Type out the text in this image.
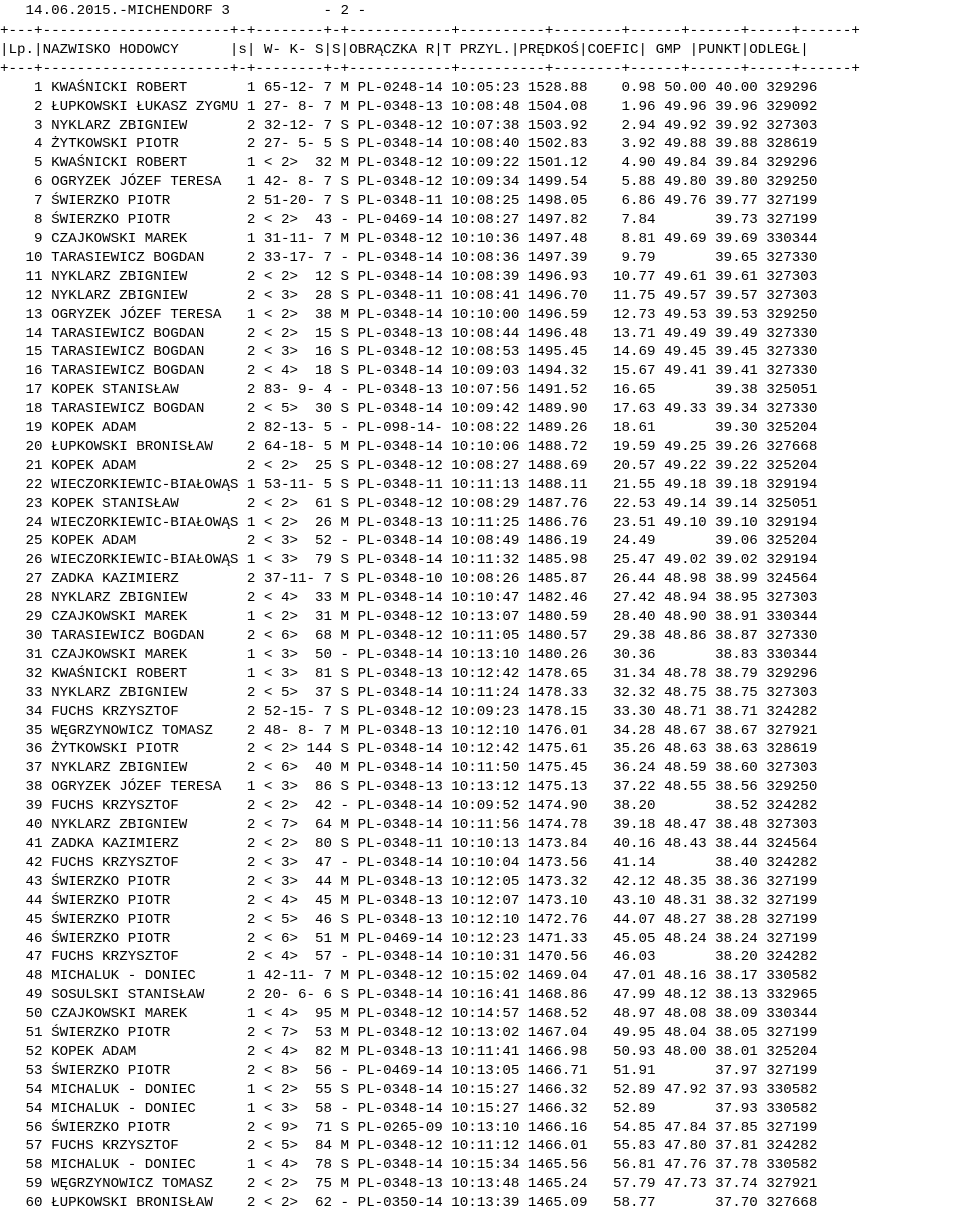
14.06.2015.-MICHENDORF 3           - 2 -
+---+----------------------+-+--------+-+------------+----------+--------+------+------+-----+------+
|Lp.|NAZWISKO HODOWCY      |s| W- K- S|S|OBRĄCZKA R|T PRZYL.|PRĘDKOŚ|COEFIC| GMP |PUNKT|ODLEGŁ|
+---+----------------------+-+--------+-+------------+----------+--------+------+------+-----+------+
1 KWAŚNICKI ROBERT       1 65-12- 7 M PL-0248-14 10:05:23 1528.88    0.98 50.00 40.00 329296
2 ŁUPKOWSKI ŁUKASZ ZYGMU 1 27- 8- 7 M PL-0348-13 10:08:48 1504.08    1.96 49.96 39.96 329092
3 NYKLARZ ZBIGNIEW       2 32-12- 7 S PL-0348-12 10:07:38 1503.92    2.94 49.92 39.92 327303
4 ŻYTKOWSKI PIOTR        2 27- 5- 5 S PL-0348-14 10:08:40 1502.83    3.92 49.88 39.88 328619
5 KWAŚNICKI ROBERT       1 < 2>  32 M PL-0348-12 10:09:22 1501.12    4.90 49.84 39.84 329296
6 OGRYZEK JÓZEF TERESA   1 42- 8- 7 S PL-0348-12 10:09:34 1499.54    5.88 49.80 39.80 329250
7 ŚWIERZKO PIOTR         2 51-20- 7 S PL-0348-11 10:08:25 1498.05    6.86 49.76 39.77 327199
8 ŚWIERZKO PIOTR         2 < 2>  43 - PL-0469-14 10:08:27 1497.82    7.84       39.73 327199
9 CZAJKOWSKI MAREK       1 31-11- 7 M PL-0348-12 10:10:36 1497.48    8.81 49.69 39.69 330344
10 TARASIEWICZ BOGDAN     2 33-17- 7 - PL-0348-14 10:08:36 1497.39    9.79       39.65 327330
11 NYKLARZ ZBIGNIEW       2 < 2>  12 S PL-0348-14 10:08:39 1496.93   10.77 49.61 39.61 327303
12 NYKLARZ ZBIGNIEW       2 < 3>  28 S PL-0348-11 10:08:41 1496.70   11.75 49.57 39.57 327303
13 OGRYZEK JÓZEF TERESA   1 < 2>  38 M PL-0348-14 10:10:00 1496.59   12.73 49.53 39.53 329250
14 TARASIEWICZ BOGDAN     2 < 2>  15 S PL-0348-13 10:08:44 1496.48   13.71 49.49 39.49 327330
15 TARASIEWICZ BOGDAN     2 < 3>  16 S PL-0348-12 10:08:53 1495.45   14.69 49.45 39.45 327330
16 TARASIEWICZ BOGDAN     2 < 4>  18 S PL-0348-14 10:09:03 1494.32   15.67 49.41 39.41 327330
17 KOPEK STANISŁAW        2 83- 9- 4 - PL-0348-13 10:07:56 1491.52   16.65       39.38 325051
18 TARASIEWICZ BOGDAN     2 < 5>  30 S PL-0348-14 10:09:42 1489.90   17.63 49.33 39.34 327330
19 KOPEK ADAM             2 82-13- 5 - PL-098-14- 10:08:22 1489.26   18.61       39.30 325204
20 ŁUPKOWSKI BRONISŁAW    2 64-18- 5 M PL-0348-14 10:10:06 1488.72   19.59 49.25 39.26 327668
21 KOPEK ADAM             2 < 2>  25 S PL-0348-12 10:08:27 1488.69   20.57 49.22 39.22 325204
22 WIECZORKIEWIC-BIAŁOWĄS 1 53-11- 5 S PL-0348-11 10:11:13 1488.11   21.55 49.18 39.18 329194
23 KOPEK STANISŁAW        2 < 2>  61 S PL-0348-12 10:08:29 1487.76   22.53 49.14 39.14 325051
24 WIECZORKIEWIC-BIAŁOWĄS 1 < 2>  26 M PL-0348-13 10:11:25 1486.76   23.51 49.10 39.10 329194
25 KOPEK ADAM             2 < 3>  52 - PL-0348-14 10:08:49 1486.19   24.49       39.06 325204
26 WIECZORKIEWIC-BIAŁOWĄS 1 < 3>  79 S PL-0348-14 10:11:32 1485.98   25.47 49.02 39.02 329194
27 ZADKA KAZIMIERZ        2 37-11- 7 S PL-0348-10 10:08:26 1485.87   26.44 48.98 38.99 324564
28 NYKLARZ ZBIGNIEW       2 < 4>  33 M PL-0348-14 10:10:47 1482.46   27.42 48.94 38.95 327303
29 CZAJKOWSKI MAREK       1 < 2>  31 M PL-0348-12 10:13:07 1480.59   28.40 48.90 38.91 330344
30 TARASIEWICZ BOGDAN     2 < 6>  68 M PL-0348-12 10:11:05 1480.57   29.38 48.86 38.87 327330
31 CZAJKOWSKI MAREK       1 < 3>  50 - PL-0348-14 10:13:10 1480.26   30.36       38.83 330344
32 KWAŚNICKI ROBERT       1 < 3>  81 S PL-0348-13 10:12:42 1478.65   31.34 48.78 38.79 329296
33 NYKLARZ ZBIGNIEW       2 < 5>  37 S PL-0348-14 10:11:24 1478.33   32.32 48.75 38.75 327303
34 FUCHS KRZYSZTOF        2 52-15- 7 S PL-0348-12 10:09:23 1478.15   33.30 48.71 38.71 324282
35 WĘGRZYNOWICZ TOMASZ    2 48- 8- 7 M PL-0348-13 10:12:10 1476.01   34.28 48.67 38.67 327921
36 ŻYTKOWSKI PIOTR        2 < 2> 144 S PL-0348-14 10:12:42 1475.61   35.26 48.63 38.63 328619
37 NYKLARZ ZBIGNIEW       2 < 6>  40 M PL-0348-14 10:11:50 1475.45   36.24 48.59 38.60 327303
38 OGRYZEK JÓZEF TERESA   1 < 3>  86 S PL-0348-13 10:13:12 1475.13   37.22 48.55 38.56 329250
39 FUCHS KRZYSZTOF        2 < 2>  42 - PL-0348-14 10:09:52 1474.90   38.20       38.52 324282
40 NYKLARZ ZBIGNIEW       2 < 7>  64 M PL-0348-14 10:11:56 1474.78   39.18 48.47 38.48 327303
41 ZADKA KAZIMIERZ        2 < 2>  80 S PL-0348-11 10:10:13 1473.84   40.16 48.43 38.44 324564
42 FUCHS KRZYSZTOF        2 < 3>  47 - PL-0348-14 10:10:04 1473.56   41.14       38.40 324282
43 ŚWIERZKO PIOTR         2 < 3>  44 M PL-0348-13 10:12:05 1473.32   42.12 48.35 38.36 327199
44 ŚWIERZKO PIOTR         2 < 4>  45 M PL-0348-13 10:12:07 1473.10   43.10 48.31 38.32 327199
45 ŚWIERZKO PIOTR         2 < 5>  46 S PL-0348-13 10:12:10 1472.76   44.07 48.27 38.28 327199
46 ŚWIERZKO PIOTR         2 < 6>  51 M PL-0469-14 10:12:23 1471.33   45.05 48.24 38.24 327199
47 FUCHS KRZYSZTOF        2 < 4>  57 - PL-0348-14 10:10:31 1470.56   46.03       38.20 324282
48 MICHALUK - DONIEC      1 42-11- 7 M PL-0348-12 10:15:02 1469.04   47.01 48.16 38.17 330582
49 SOSULSKI STANISŁAW     2 20- 6- 6 S PL-0348-14 10:16:41 1468.86   47.99 48.12 38.13 332965
50 CZAJKOWSKI MAREK       1 < 4>  95 M PL-0348-12 10:14:57 1468.52   48.97 48.08 38.09 330344
51 ŚWIERZKO PIOTR         2 < 7>  53 M PL-0348-12 10:13:02 1467.04   49.95 48.04 38.05 327199
52 KOPEK ADAM             2 < 4>  82 M PL-0348-13 10:11:41 1466.98   50.93 48.00 38.01 325204
53 ŚWIERZKO PIOTR         2 < 8>  56 - PL-0469-14 10:13:05 1466.71   51.91       37.97 327199
54 MICHALUK - DONIEC      1 < 2>  55 S PL-0348-14 10:15:27 1466.32   52.89 47.92 37.93 330582
54 MICHALUK - DONIEC      1 < 3>  58 - PL-0348-14 10:15:27 1466.32   52.89       37.93 330582
56 ŚWIERZKO PIOTR         2 < 9>  71 S PL-0265-09 10:13:10 1466.16   54.85 47.84 37.85 327199
57 FUCHS KRZYSZTOF        2 < 5>  84 M PL-0348-12 10:11:12 1466.01   55.83 47.80 37.81 324282
58 MICHALUK - DONIEC      1 < 4>  78 S PL-0348-14 10:15:34 1465.56   56.81 47.76 37.78 330582
59 WĘGRZYNOWICZ TOMASZ    2 < 2>  75 M PL-0348-13 10:13:48 1465.24   57.79 47.73 37.74 327921
60 ŁUPKOWSKI BRONISŁAW    2 < 2>  62 - PL-0350-14 10:13:39 1465.09   58.77       37.70 327668
